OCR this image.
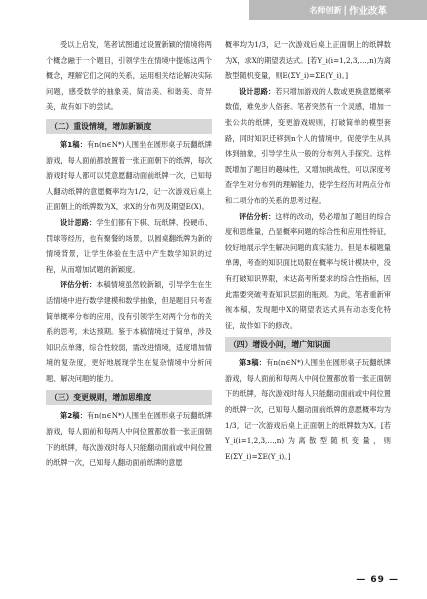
名师创新 | 作业改革

受以上启发，笔者试图通过设置新颖的情境将两个概念融于一个题目，引领学生在情境中提炼这两个概念，理解它们之间的关系，运用相关结论解决实际问题，感受数学的抽象美、简洁美、和谐美、奇异美，故有如下的尝试。

（二）重设情境，增加新颖度

第1稿：有n(n∈N*)人围坐在圆形桌子玩翻纸牌游戏，每人面前都放置着一张正面朝下的纸牌，每次游戏时每人都可以凭意愿翻动面前纸牌一次，已知每人翻动纸牌的意愿概率均为1/2，记一次游戏后桌上正面朝上的纸牌数为X，求X的分布列及期望E(X)。

设计思路：学生们都有下棋、玩纸牌、投硬币、罚球等经历，也有聚餐的场景，以圆桌翻纸牌为新的情境背景，让学生体验在生活中产生数学知识的过程，从而增加试题的新颖度。

评估分析：本稿情境虽然较新颖，引导学生在生活情境中进行数学建模和数学抽象，但是题目只考查简单概率分布的应用，没有引领学生对两个分布的关系的思考，未达预期。鉴于本稿情境过于简单，涉及知识点单薄，综合性较弱，需改进情境，适度增加情境的复杂度，更好地展现学生在复杂情境中分析问题、解决问题的能力。

（三）变更规则，增加思维度

第2稿：有n(n∈N*)人围坐在圆形桌子玩翻纸牌游戏，每人面前和每两人中间位置都放着一张正面朝下的纸牌，每次游戏时每人只能翻动面前或中间位置的纸牌一次，已知每人翻动面前纸牌的意愿

概率均为1/3，记一次游戏后桌上正面朝上的纸牌数为X，求X的期望表达式。[若Y_i(i=1,2,3,…,n)为离散型随机变量，则E(ΣY_i)=ΣE(Y_i)。]

设计思路：若只增加游戏的人数或更换意愿概率数值，难免步人俗套。笔者突然有一个灵感，增加一张公共的纸牌，变更游戏规则，打破简单的模型套路，同时知识迁移到n个人的情境中，促使学生从具体到抽象，引导学生从一般的分布列入手探究。这样既增加了题目的趣味性，又增加挑战性，可以深度考查学生对分布列的理解能力，使学生经历对两点分布和二项分布的关系的思考过程。

评估分析：这样的改动，势必增加了题目的综合度和思维量，凸显概率问题的综合性和应用性特征，较好地展示学生解决问题的真实能力。但是本稿题量单薄，考查的知识面比局限在概率与统计模块中，没有打破知识界限，未达高考所要求的综合性指标，因此需要突破考查知识层面的瓶颈。为此，笔者重新审视本稿，发现题中X的期望表达式具有动态变化特征，故作如下的修改。

（四）增设小问，增广知识面

第3稿：有n(n∈N*)人围坐在圆形桌子玩翻纸牌游戏，每人面前和每两人中间位置都放着一张正面朝下的纸牌，每次游戏时每人只能翻动面前或中间位置的纸牌一次，已知每人翻动面前纸牌的意愿概率均为1/3，记一次游戏后桌上正面朝上的纸牌数为X。[若Y_i(i=1,2,3,…,n)为离散型随机变量，则E(ΣY_i)=ΣE(Y_i)。]

— 69 —
